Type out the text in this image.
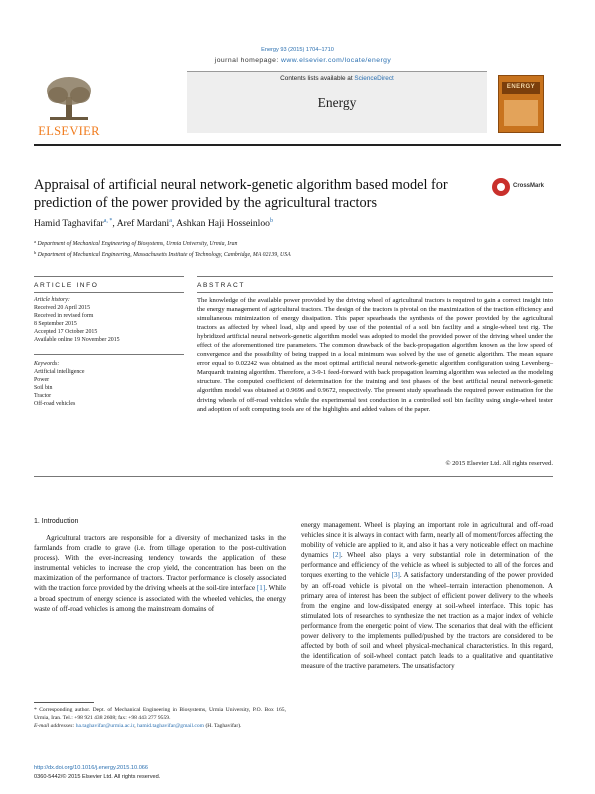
Energy 93 (2015) 1704–1710
ELSEVIER
Contents lists available at ScienceDirect
Energy
ENERGY
journal homepage: www.elsevier.com/locate/energy
Appraisal of artificial neural network-genetic algorithm based model for prediction of the power provided by the agricultural tractors
CrossMark
Hamid Taghavifar$^{a, *}$, Aref Mardani$^a$, Ashkan Haji Hosseinloo$^b$
$^a$ Department of Mechanical Engineering of Biosystems, Urmia University, Urmia, Iran
$^b$ Department of Mechanical Engineering, Massachusetts Institute of Technology, Cambridge, MA 02139, USA
ARTICLE INFO	ABSTRACT
Article history:
Received 20 April 2015
Received in revised form
8 September 2015
Accepted 17 October 2015
Available online 19 November 2015
Keywords:
Artificial intelligence
Power
Soil bin
Tractor
Off-road vehicles
The knowledge of the available power provided by the driving wheel of agricultural tractors is required to gain a correct insight into the energy management of agricultural tractors. The design of the tractors is pivotal on the maximization of the traction efficiency and simultaneous minimization of energy dissipation. This paper spearheads the synthesis of the power provided by the agricultural tractors as affected by wheel load, slip and speed by use of the potential of a soil bin facility and a single-wheel test rig. The hybridized artificial neural network-genetic algorithm model was adopted to model the provided power of the driving wheel under the effect of the aforementioned tire parameters. The common drawback of the back-propagation algorithm known as the low speed of convergence and the possibility of being trapped in a local minimum was solved by the use of genetic algorithm. The mean square error equal to 0.02242 was obtained as the most optimal artificial neural network-genetic algorithm configuration using Levenberg–Marquardt training algorithm. Therefore, a 3-9-1 feed-forward with back propagation learning algorithm was selected as the modeling structure. The computed coefficient of determination for the training and test phases of the best artificial neural network-genetic algorithm model was obtained at 0.9696 and 0.9672, respectively. The present study spearheads the required power estimation for the driving wheels of off-road vehicles while the experimental test conduction in a controlled soil bin facility using single-wheel tester and adoption of soft computing tools are of the highlights and added values of the paper.
© 2015 Elsevier Ltd. All rights reserved.
1. Introduction
Agricultural tractors are responsible for a diversity of mechanized tasks in the farmlands from cradle to grave (i.e. from tillage operation to the post-cultivation process). With the ever-increasing tendency towards the application of these instrumental vehicles to increase the crop yield, the concentration has been on the maximization of the performance of tractors. Tractor performance is closely associated with the traction force provided by the driving wheels at the soil-tire interface [1]. While a broad spectrum of energy science is associated with the wheeled vehicles, the energy waste of off-road vehicles is among the mainstream domains of
energy management. Wheel is playing an important role in agricultural and off-road vehicles since it is always in contact with farm, nearly all of moment/forces affecting the mobility of vehicle are applied to it, and also it has a very noticeable effect on machine dynamics [2]. Wheel also plays a very substantial role in determination of the performance and efficiency of the vehicle as wheel is subjected to all of the forces and torques exerting to the vehicle [3]. A satisfactory understanding of the power provided by an off-road vehicle is pivotal on the wheel–terrain interaction phenomenon. A primary area of interest has been the subject of efficient power delivery to the wheels from the engine and low-dissipated energy at soil-wheel interface. This topic has stimulated lots of researches to synthesize the net traction as a major index of vehicle performance from the energetic point of view. The scenarios that deal with the efficient power delivery to the implements pulled/pushed by the tractors are considered to be affected by both of soil and wheel physical-mechanical characteristics. In this regard, the identification of soil-wheel contact patch leads to a qualitative and quantitative measure of the tractive parameters. The unsatisfactory
* Corresponding author. Dept. of Mechanical Engineering in Biosystems, Urmia University, P.O. Box 165, Urmia, Iran. Tel.: +98 921 438 2608; fax: +98 443 277 9559.
E-mail addresses: ha.taghavifar@urmia.ac.ir, hamid.taghavifar@gmail.com (H. Taghavifar).
http://dx.doi.org/10.1016/j.energy.2015.10.066
0360-5442/© 2015 Elsevier Ltd. All rights reserved.
